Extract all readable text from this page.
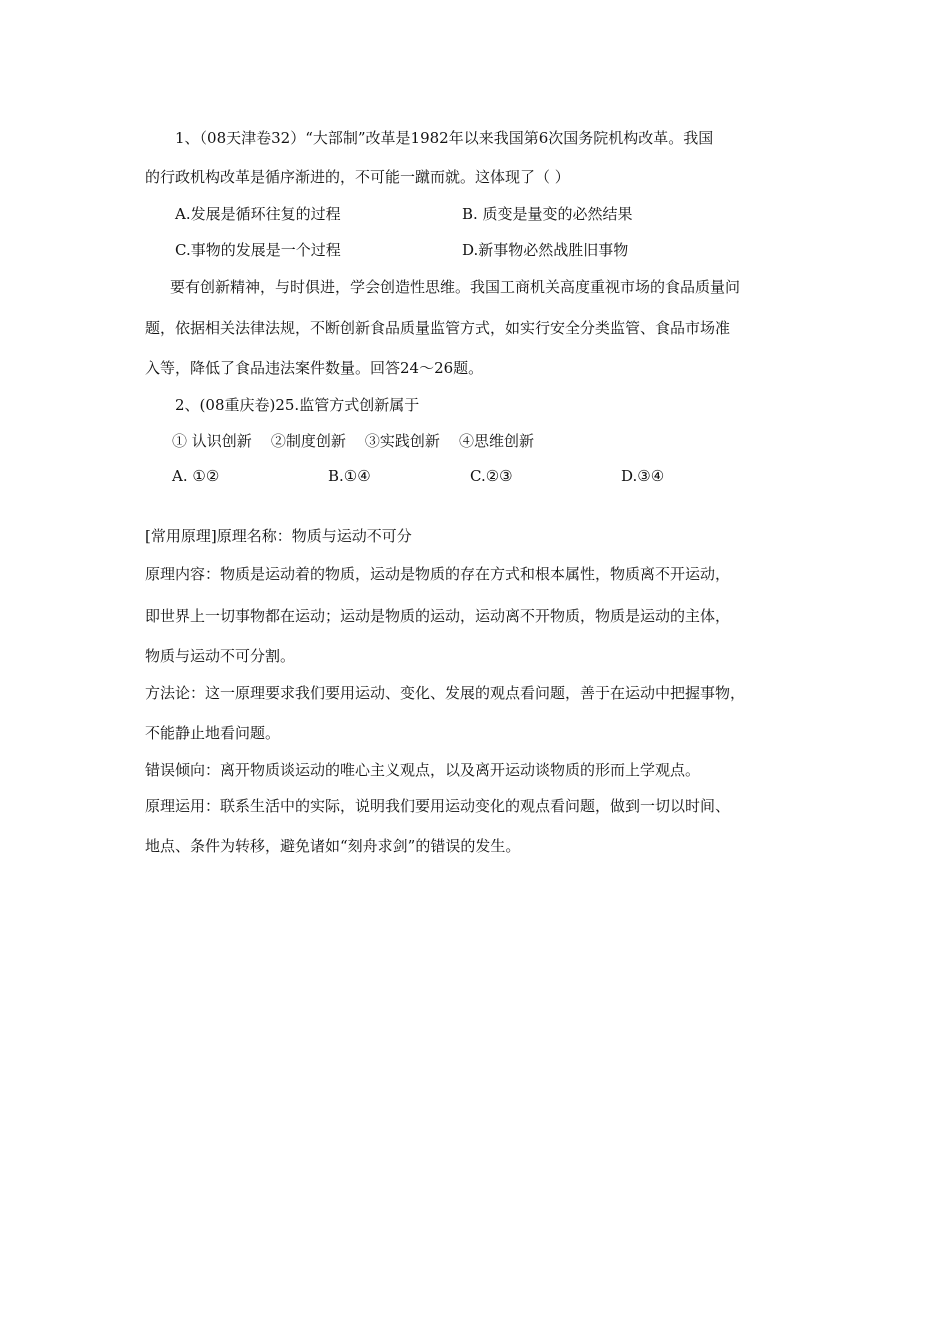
1、（08天津卷32）“大部制”改革是1982年以来我国第6次国务院机构改革。我国
的行政机构改革是循序渐进的，不可能一蹴而就。这体现了（ ）
A.发展是循环往复的过程	B. 质变是量变的必然结果
C.事物的发展是一个过程	D.新事物必然战胜旧事物
要有创新精神，与时俱进，学会创造性思维。我国工商机关高度重视市场的食品质量问
题，依据相关法律法规，不断创新食品质量监管方式，如实行安全分类监管、食品市场准
入等，降低了食品违法案件数量。回答24～26题。
2、(08重庆卷)25.监管方式创新属于
① 认识创新    ②制度创新    ③实践创新    ④思维创新
A. ①②	B.①④	C.②③	D.③④
[常用原理]原理名称：物质与运动不可分
原理内容：物质是运动着的物质，运动是物质的存在方式和根本属性，物质离不开运动，
即世界上一切事物都在运动；运动是物质的运动，运动离不开物质，物质是运动的主体，
物质与运动不可分割。
方法论：这一原理要求我们要用运动、变化、发展的观点看问题，善于在运动中把握事物，
不能静止地看问题。
错误倾向：离开物质谈运动的唯心主义观点，以及离开运动谈物质的形而上学观点。
原理运用：联系生活中的实际，说明我们要用运动变化的观点看问题，做到一切以时间、
地点、条件为转移，避免诸如“刻舟求剑”的错误的发生。
